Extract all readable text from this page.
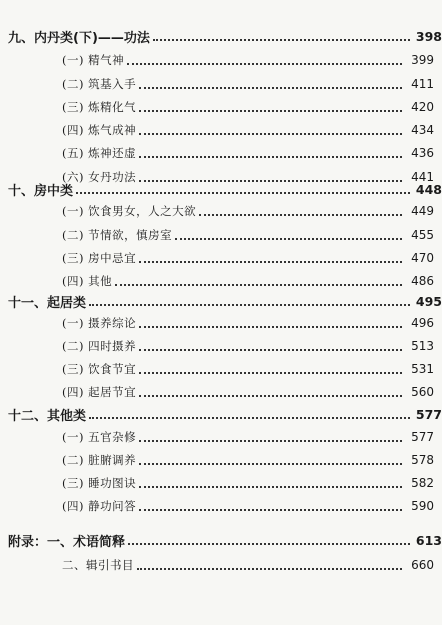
九、内丹类(下)——功法	398
(一) 精气神	399
(二) 筑基入手	411
(三) 炼精化气	420
(四) 炼气成神	434
(五) 炼神还虚	436
(六) 女丹功法	441
十、房中类	448
(一) 饮食男女，人之大欲	449
(二) 节情欲，慎房室	455
(三) 房中忌宜	470
(四) 其他	486
十一、起居类	495
(一) 摄养综论	496
(二) 四时摄养	513
(三) 饮食节宜	531
(四) 起居节宜	560
十二、其他类	577
(一) 五官杂修	577
(二) 脏腑调养	578
(三) 睡功图诀	582
(四) 静功问答	590
附录：一、术语简释	613
二、辑引书目	660
